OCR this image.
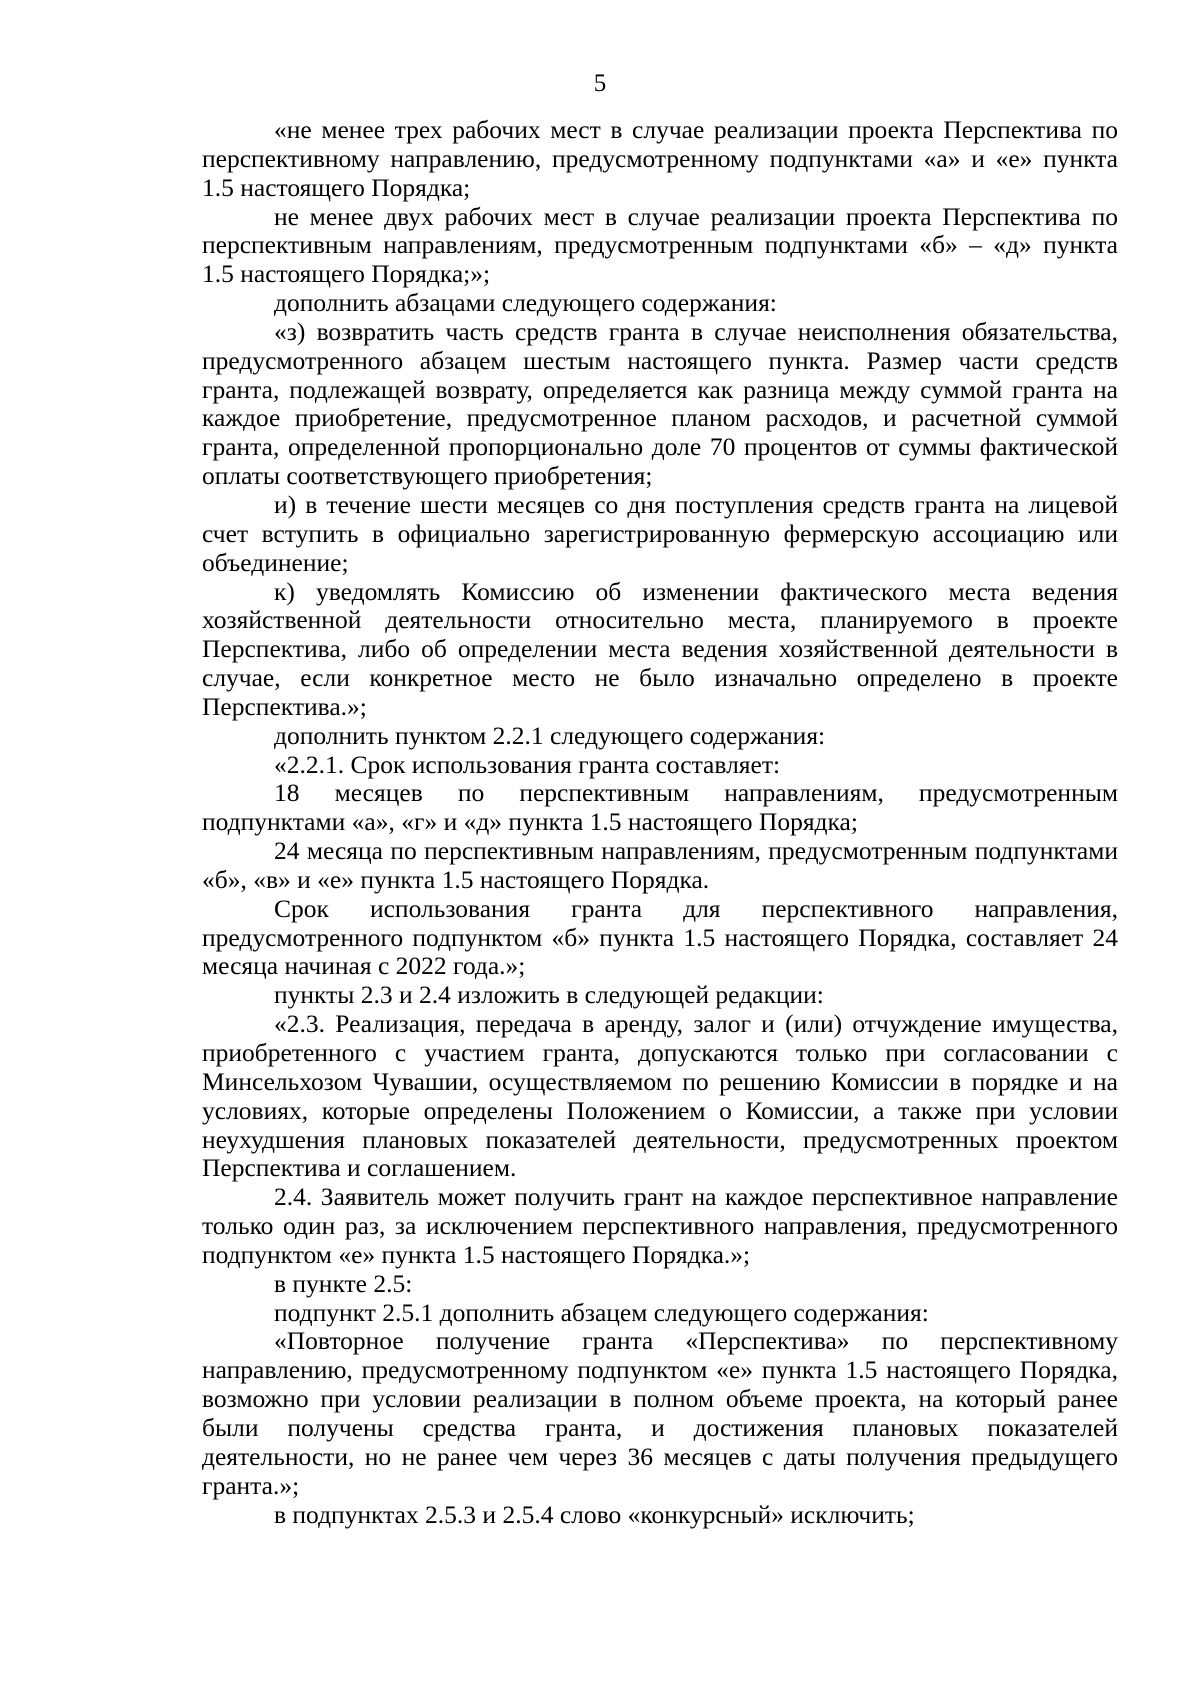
5

«не менее трех рабочих мест в случае реализации проекта Перспектива по перспективному направлению, предусмотренному подпунктами «а» и «е» пункта 1.5 настоящего Порядка;

не менее двух рабочих мест в случае реализации проекта Перспектива по перспективным направлениям, предусмотренным подпунктами «б» – «д» пункта 1.5 настоящего Порядка;»;

дополнить абзацами следующего содержания:

«з) возвратить часть средств гранта в случае неисполнения обязательства, предусмотренного абзацем шестым настоящего пункта. Размер части средств гранта, подлежащей возврату, определяется как разница между суммой гранта на каждое приобретение, предусмотренное планом расходов, и расчетной суммой гранта, определенной пропорционально доле 70 процентов от суммы фактической оплаты соответствующего приобретения;

и) в течение шести месяцев со дня поступления средств гранта на лицевой счет вступить в официально зарегистрированную фермерскую ассоциацию или объединение;

к) уведомлять Комиссию об изменении фактического места ведения хозяйственной деятельности относительно места, планируемого в проекте Перспектива, либо об определении места ведения хозяйственной деятельности в случае, если конкретное место не было изначально определено в проекте Перспектива.»;

дополнить пунктом 2.2.1 следующего содержания:

«2.2.1. Срок использования гранта составляет:

18 месяцев по перспективным направлениям, предусмотренным подпунктами «а», «г» и «д» пункта 1.5 настоящего Порядка;

24 месяца по перспективным направлениям, предусмотренным подпунктами «б», «в» и «е» пункта 1.5 настоящего Порядка.

Срок использования гранта для перспективного направления, предусмотренного подпунктом «б» пункта 1.5 настоящего Порядка, составляет 24 месяца начиная с 2022 года.»;

пункты 2.3 и 2.4 изложить в следующей редакции:

«2.3. Реализация, передача в аренду, залог и (или) отчуждение имущества, приобретенного с участием гранта, допускаются только при согласовании с Минсельхозом Чувашии, осуществляемом по решению Комиссии в порядке и на условиях, которые определены Положением о Комиссии, а также при условии неухудшения плановых показателей деятельности, предусмотренных проектом Перспектива и соглашением.

2.4. Заявитель может получить грант на каждое перспективное направление только один раз, за исключением перспективного направления, предусмотренного подпунктом «е» пункта 1.5 настоящего Порядка.»;

в пункте 2.5:

подпункт 2.5.1 дополнить абзацем следующего содержания:

«Повторное получение гранта «Перспектива» по перспективному направлению, предусмотренному подпунктом «е» пункта 1.5 настоящего Порядка, возможно при условии реализации в полном объеме проекта, на который ранее были получены средства гранта, и достижения плановых показателей деятельности, но не ранее чем через 36 месяцев с даты получения предыдущего гранта.»;

в подпунктах 2.5.3 и 2.5.4 слово «конкурсный» исключить;
